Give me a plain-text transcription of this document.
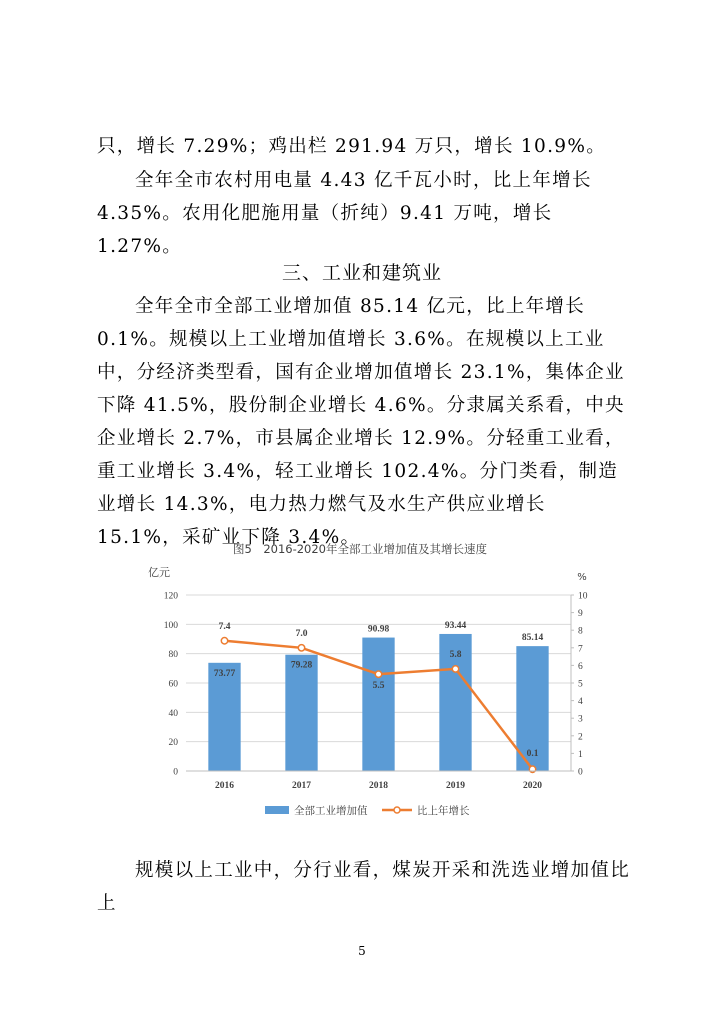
只，增长 7.29%；鸡出栏 291.94 万只，增长 10.9%。

全年全市农村用电量 4.43 亿千瓦小时，比上年增长 4.35%。农用化肥施用量（折纯）9.41 万吨，增长 1.27%。

三、工业和建筑业

全年全市全部工业增加值 85.14 亿元，比上年增长 0.1%。规模以上工业增加值增长 3.6%。在规模以上工业中，分经济类型看，国有企业增加值增长 23.1%，集体企业下降 41.5%，股份制企业增长 4.6%。分隶属关系看，中央企业增长 2.7%，市县属企业增长 12.9%。分轻重工业看，重工业增长 3.4%，轻工业增长 102.4%。分门类看，制造业增长 14.3%，电力热力燃气及水生产供应业增长 15.1%，采矿业下降 3.4%。

图5　2016-2020年全部工业增加值及其增长速度
亿元	%
73.77
79.28
90.98	93.44
85.14
7.4
7.0
5.5
5.8
0.1
0
20
40
60
80
100
120
0
1
2
3
4
5
6
7
8
9
10
2016	2017	2018	2019	2020
全部工业增加值	比上年增长

规模以上工业中，分行业看，煤炭开采和洗选业增加值比上

5
